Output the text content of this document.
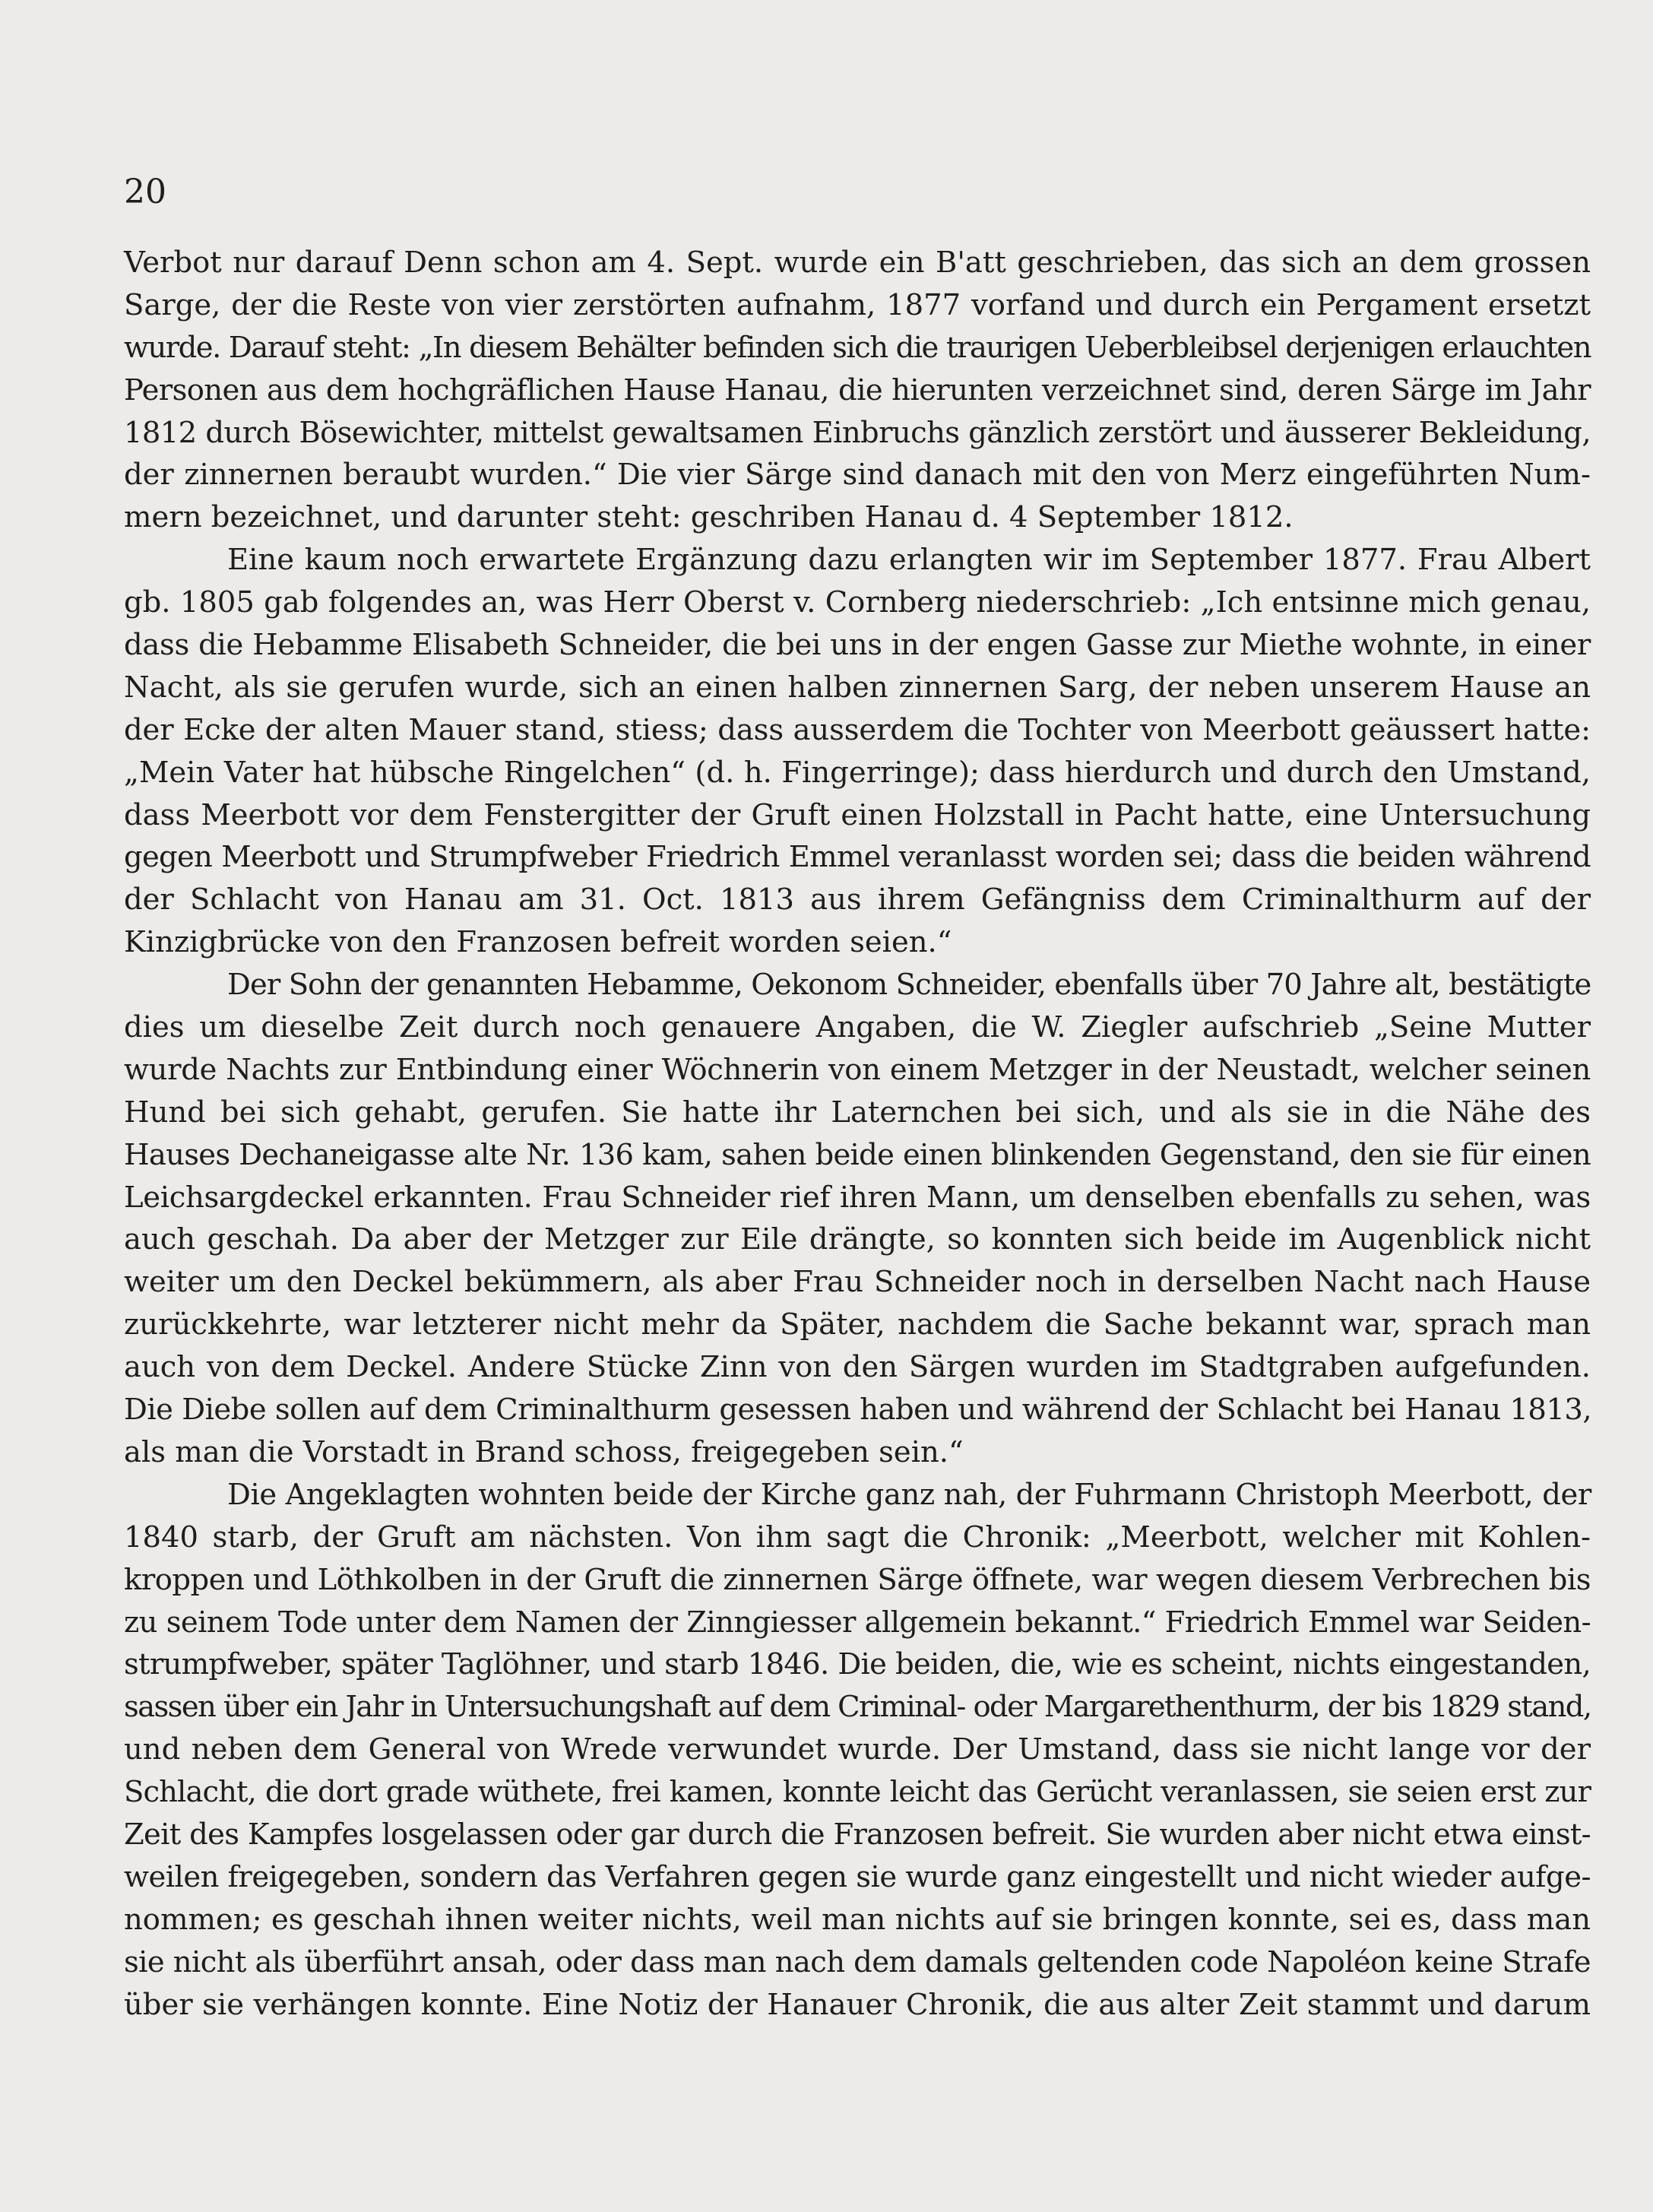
20

Verbot nur darauf Denn schon am 4. Sept. wurde ein B'att geschrieben, das sich an dem grossen
Sarge, der die Reste von vier zerstörten aufnahm, 1877 vorfand und durch ein Pergament ersetzt
wurde. Darauf steht: „In diesem Behälter befinden sich die traurigen Ueberbleibsel derjenigen erlauchten
Personen aus dem hochgräflichen Hause Hanau, die hierunten verzeichnet sind, deren Särge im Jahr
1812 durch Bösewichter, mittelst gewaltsamen Einbruchs gänzlich zerstört und äusserer Bekleidung,
der zinnernen beraubt wurden.“ Die vier Särge sind danach mit den von Merz eingeführten Num-
mern bezeichnet, und darunter steht: geschriben Hanau d. 4 September 1812.
Eine kaum noch erwartete Ergänzung dazu erlangten wir im September 1877. Frau Albert
gb. 1805 gab folgendes an, was Herr Oberst v. Cornberg niederschrieb: „Ich entsinne mich genau,
dass die Hebamme Elisabeth Schneider, die bei uns in der engen Gasse zur Miethe wohnte, in einer
Nacht, als sie gerufen wurde, sich an einen halben zinnernen Sarg, der neben unserem Hause an
der Ecke der alten Mauer stand, stiess; dass ausserdem die Tochter von Meerbott geäussert hatte:
„Mein Vater hat hübsche Ringelchen“ (d. h. Fingerringe); dass hierdurch und durch den Umstand,
dass Meerbott vor dem Fenstergitter der Gruft einen Holzstall in Pacht hatte, eine Untersuchung
gegen Meerbott und Strumpfweber Friedrich Emmel veranlasst worden sei; dass die beiden während
der Schlacht von Hanau am 31. Oct. 1813 aus ihrem Gefängniss dem Criminalthurm auf der
Kinzigbrücke von den Franzosen befreit worden seien.“
Der Sohn der genannten Hebamme, Oekonom Schneider, ebenfalls über 70 Jahre alt, bestätigte
dies um dieselbe Zeit durch noch genauere Angaben, die W. Ziegler aufschrieb „Seine Mutter
wurde Nachts zur Entbindung einer Wöchnerin von einem Metzger in der Neustadt, welcher seinen
Hund bei sich gehabt, gerufen. Sie hatte ihr Laternchen bei sich, und als sie in die Nähe des
Hauses Dechaneigasse alte Nr. 136 kam, sahen beide einen blinkenden Gegenstand, den sie für einen
Leichsargdeckel erkannten. Frau Schneider rief ihren Mann, um denselben ebenfalls zu sehen, was
auch geschah. Da aber der Metzger zur Eile drängte, so konnten sich beide im Augenblick nicht
weiter um den Deckel bekümmern, als aber Frau Schneider noch in derselben Nacht nach Hause
zurückkehrte, war letzterer nicht mehr da Später, nachdem die Sache bekannt war, sprach man
auch von dem Deckel. Andere Stücke Zinn von den Särgen wurden im Stadtgraben aufgefunden.
Die Diebe sollen auf dem Criminalthurm gesessen haben und während der Schlacht bei Hanau 1813,
als man die Vorstadt in Brand schoss, freigegeben sein.“
Die Angeklagten wohnten beide der Kirche ganz nah, der Fuhrmann Christoph Meerbott, der
1840 starb, der Gruft am nächsten. Von ihm sagt die Chronik: „Meerbott, welcher mit Kohlen-
kroppen und Löthkolben in der Gruft die zinnernen Särge öffnete, war wegen diesem Verbrechen bis
zu seinem Tode unter dem Namen der Zinngiesser allgemein bekannt.“ Friedrich Emmel war Seiden-
strumpfweber, später Taglöhner, und starb 1846. Die beiden, die, wie es scheint, nichts eingestanden,
sassen über ein Jahr in Untersuchungshaft auf dem Criminal- oder Margarethenthurm, der bis 1829 stand,
und neben dem General von Wrede verwundet wurde. Der Umstand, dass sie nicht lange vor der
Schlacht, die dort grade wüthete, frei kamen, konnte leicht das Gerücht veranlassen, sie seien erst zur
Zeit des Kampfes losgelassen oder gar durch die Franzosen befreit. Sie wurden aber nicht etwa einst-
weilen freigegeben, sondern das Verfahren gegen sie wurde ganz eingestellt und nicht wieder aufge-
nommen; es geschah ihnen weiter nichts, weil man nichts auf sie bringen konnte, sei es, dass man
sie nicht als überführt ansah, oder dass man nach dem damals geltenden code Napoléon keine Strafe
über sie verhängen konnte. Eine Notiz der Hanauer Chronik, die aus alter Zeit stammt und darum
